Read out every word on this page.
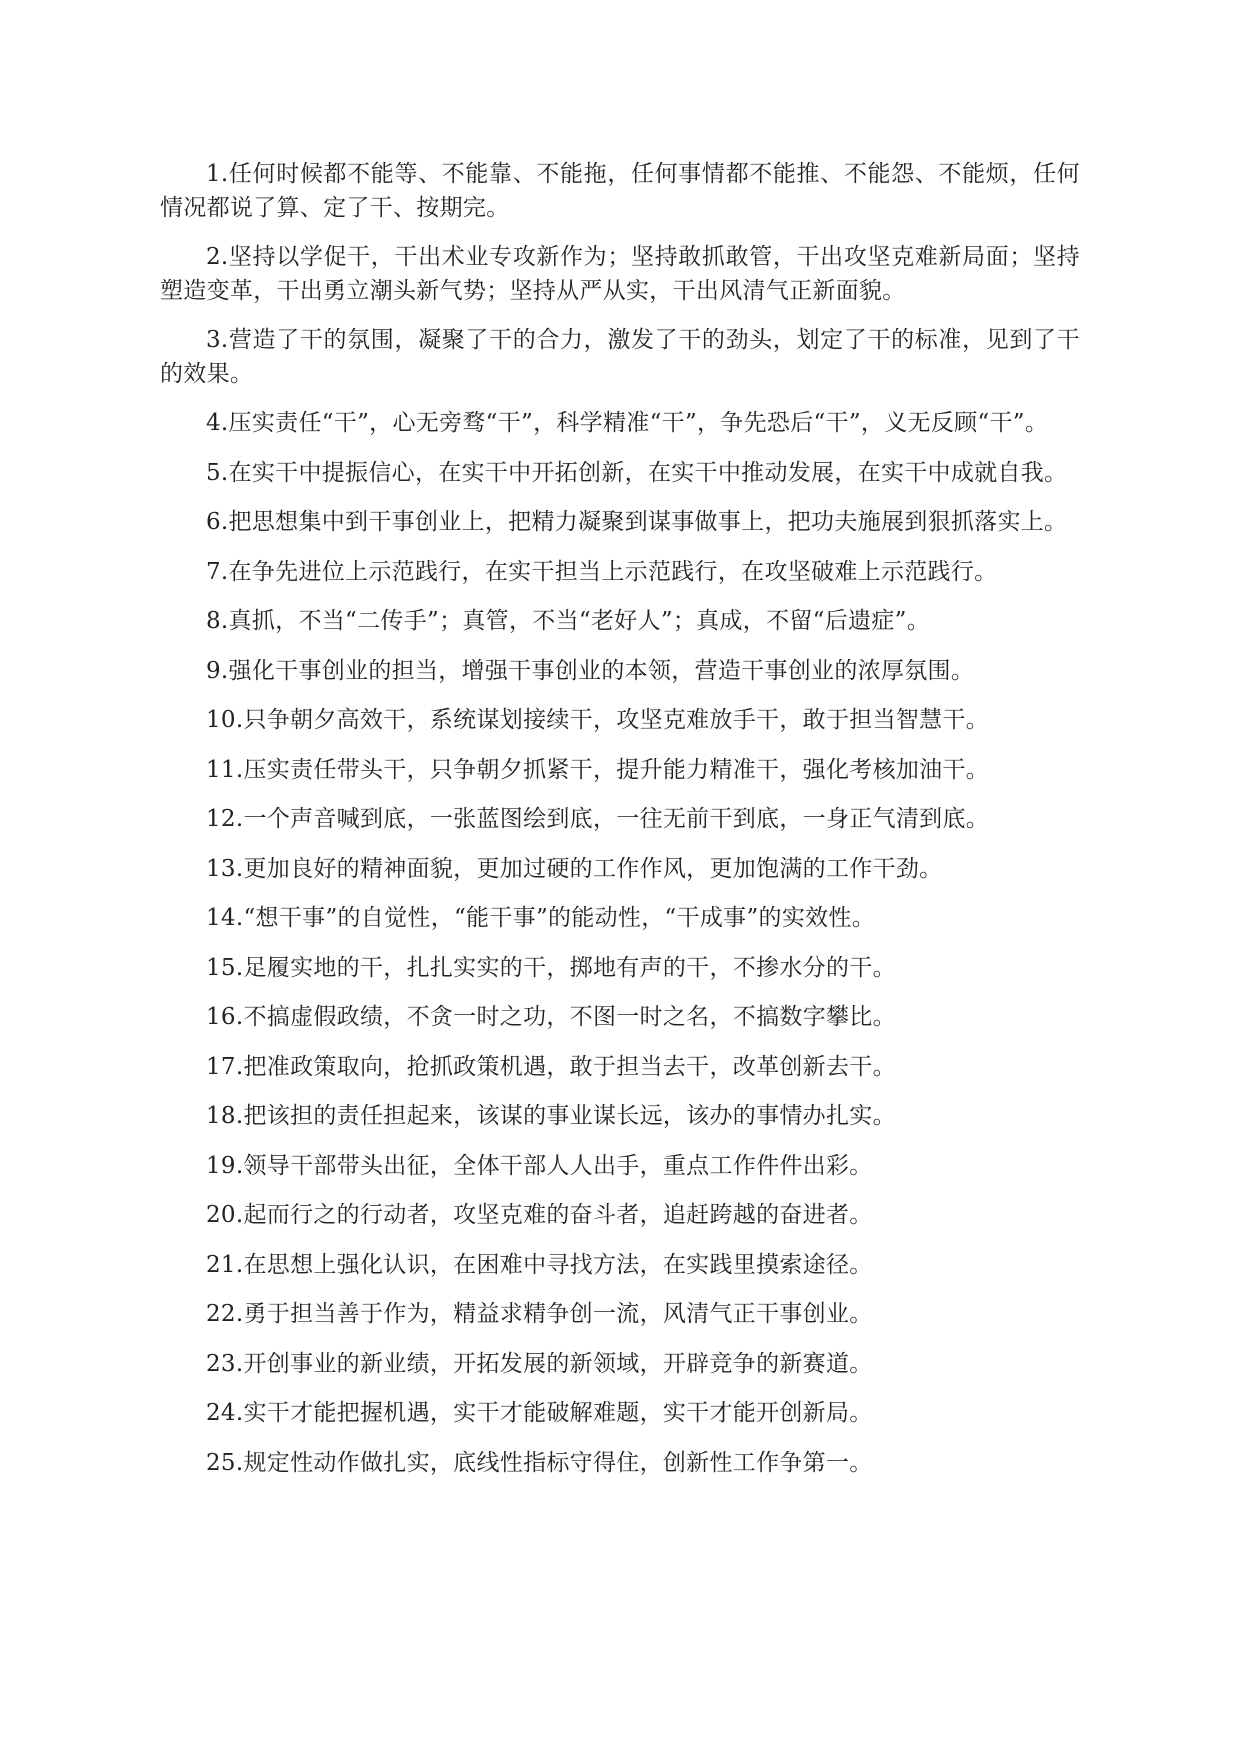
1.任何时候都不能等、不能靠、不能拖，任何事情都不能推、不能怨、不能烦，任何情况都说了算、定了干、按期完。

2.坚持以学促干，干出术业专攻新作为；坚持敢抓敢管，干出攻坚克难新局面；坚持塑造变革，干出勇立潮头新气势；坚持从严从实，干出风清气正新面貌。

3.营造了干的氛围，凝聚了干的合力，激发了干的劲头，划定了干的标准，见到了干的效果。

4.压实责任“干”，心无旁骛“干”，科学精准“干”，争先恐后“干”，义无反顾“干”。

5.在实干中提振信心，在实干中开拓创新，在实干中推动发展，在实干中成就自我。

6.把思想集中到干事创业上，把精力凝聚到谋事做事上，把功夫施展到狠抓落实上。

7.在争先进位上示范践行，在实干担当上示范践行，在攻坚破难上示范践行。

8.真抓，不当“二传手”；真管，不当“老好人”；真成，不留“后遗症”。

9.强化干事创业的担当，增强干事创业的本领，营造干事创业的浓厚氛围。

10.只争朝夕高效干，系统谋划接续干，攻坚克难放手干，敢于担当智慧干。

11.压实责任带头干，只争朝夕抓紧干，提升能力精准干，强化考核加油干。

12.一个声音喊到底，一张蓝图绘到底，一往无前干到底，一身正气清到底。

13.更加良好的精神面貌，更加过硬的工作作风，更加饱满的工作干劲。

14.“想干事”的自觉性，“能干事”的能动性，“干成事”的实效性。

15.足履实地的干，扎扎实实的干，掷地有声的干，不掺水分的干。

16.不搞虚假政绩，不贪一时之功，不图一时之名，不搞数字攀比。

17.把准政策取向，抢抓政策机遇，敢于担当去干，改革创新去干。

18.把该担的责任担起来，该谋的事业谋长远，该办的事情办扎实。

19.领导干部带头出征，全体干部人人出手，重点工作件件出彩。

20.起而行之的行动者，攻坚克难的奋斗者，追赶跨越的奋进者。

21.在思想上强化认识，在困难中寻找方法，在实践里摸索途径。

22.勇于担当善于作为，精益求精争创一流，风清气正干事创业。

23.开创事业的新业绩，开拓发展的新领域，开辟竞争的新赛道。

24.实干才能把握机遇，实干才能破解难题，实干才能开创新局。

25.规定性动作做扎实，底线性指标守得住，创新性工作争第一。
